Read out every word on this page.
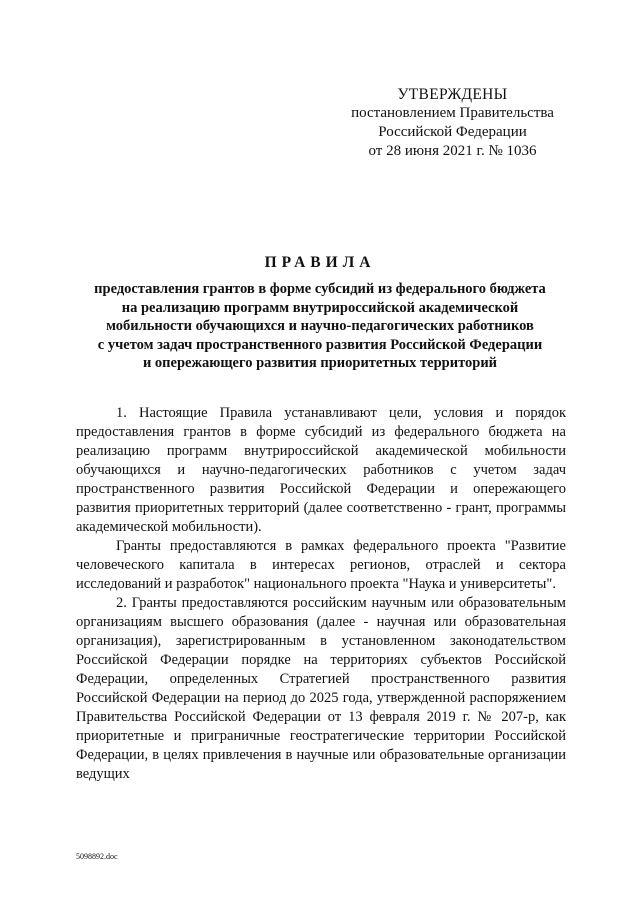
УТВЕРЖДЕНЫ
постановлением Правительства
Российской Федерации
от 28 июня 2021 г. № 1036
ПРАВИЛА
предоставления грантов в форме субсидий из федерального бюджета
на реализацию программ внутрироссийской академической
мобильности обучающихся и научно-педагогических работников
с учетом задач пространственного развития Российской Федерации
и опережающего развития приоритетных территорий

1. Настоящие Правила устанавливают цели, условия и порядок предоставления грантов в форме субсидий из федерального бюджета на реализацию программ внутрироссийской академической мобильности обучающихся и научно-педагогических работников с учетом задач пространственного развития Российской Федерации и опережающего развития приоритетных территорий (далее соответственно - грант, программы академической мобильности).

Гранты предоставляются в рамках федерального проекта "Развитие человеческого капитала в интересах регионов, отраслей и сектора исследований и разработок" национального проекта "Наука и университеты".

2. Гранты предоставляются российским научным или образовательным организациям высшего образования (далее - научная или образовательная организация), зарегистрированным в установленном законодательством Российской Федерации порядке на территориях субъектов Российской Федерации, определенных Стратегией пространственного развития Российской Федерации на период до 2025 года, утвержденной распоряжением Правительства Российской Федерации от 13 февраля 2019 г. № 207-р, как приоритетные и приграничные геостратегические территории Российской Федерации, в целях привлечения в научные или образовательные организации ведущих

5098892.doc
